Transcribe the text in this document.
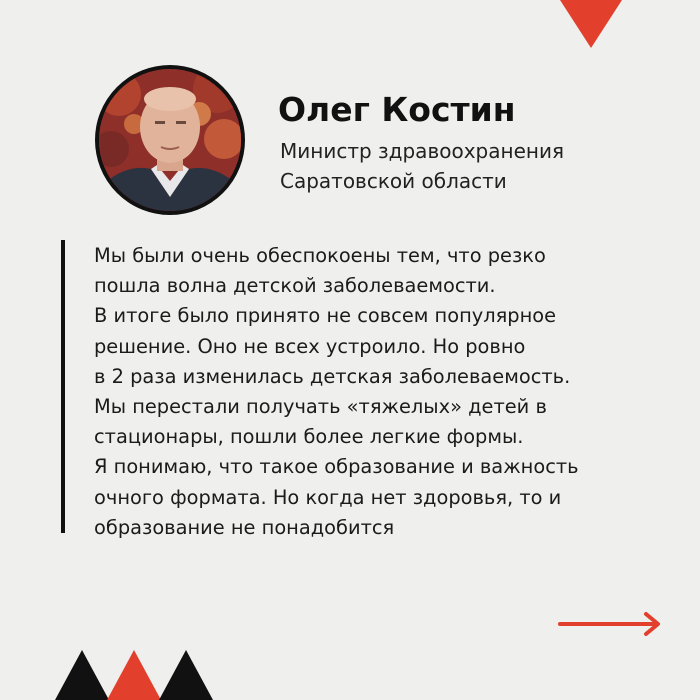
Олег Костин

Министр здравоохранения
Саратовской области

Мы были очень обеспокоены тем, что резко
пошла волна детской заболеваемости.
В итоге было принято не совсем популярное
решение. Оно не всех устроило. Но ровно
в 2 раза изменилась детская заболеваемость.
Мы перестали получать «тяжелых» детей в
стационары, пошли более легкие формы.
Я понимаю, что такое образование и важность
очного формата. Но когда нет здоровья, то и
образование не понадобится
